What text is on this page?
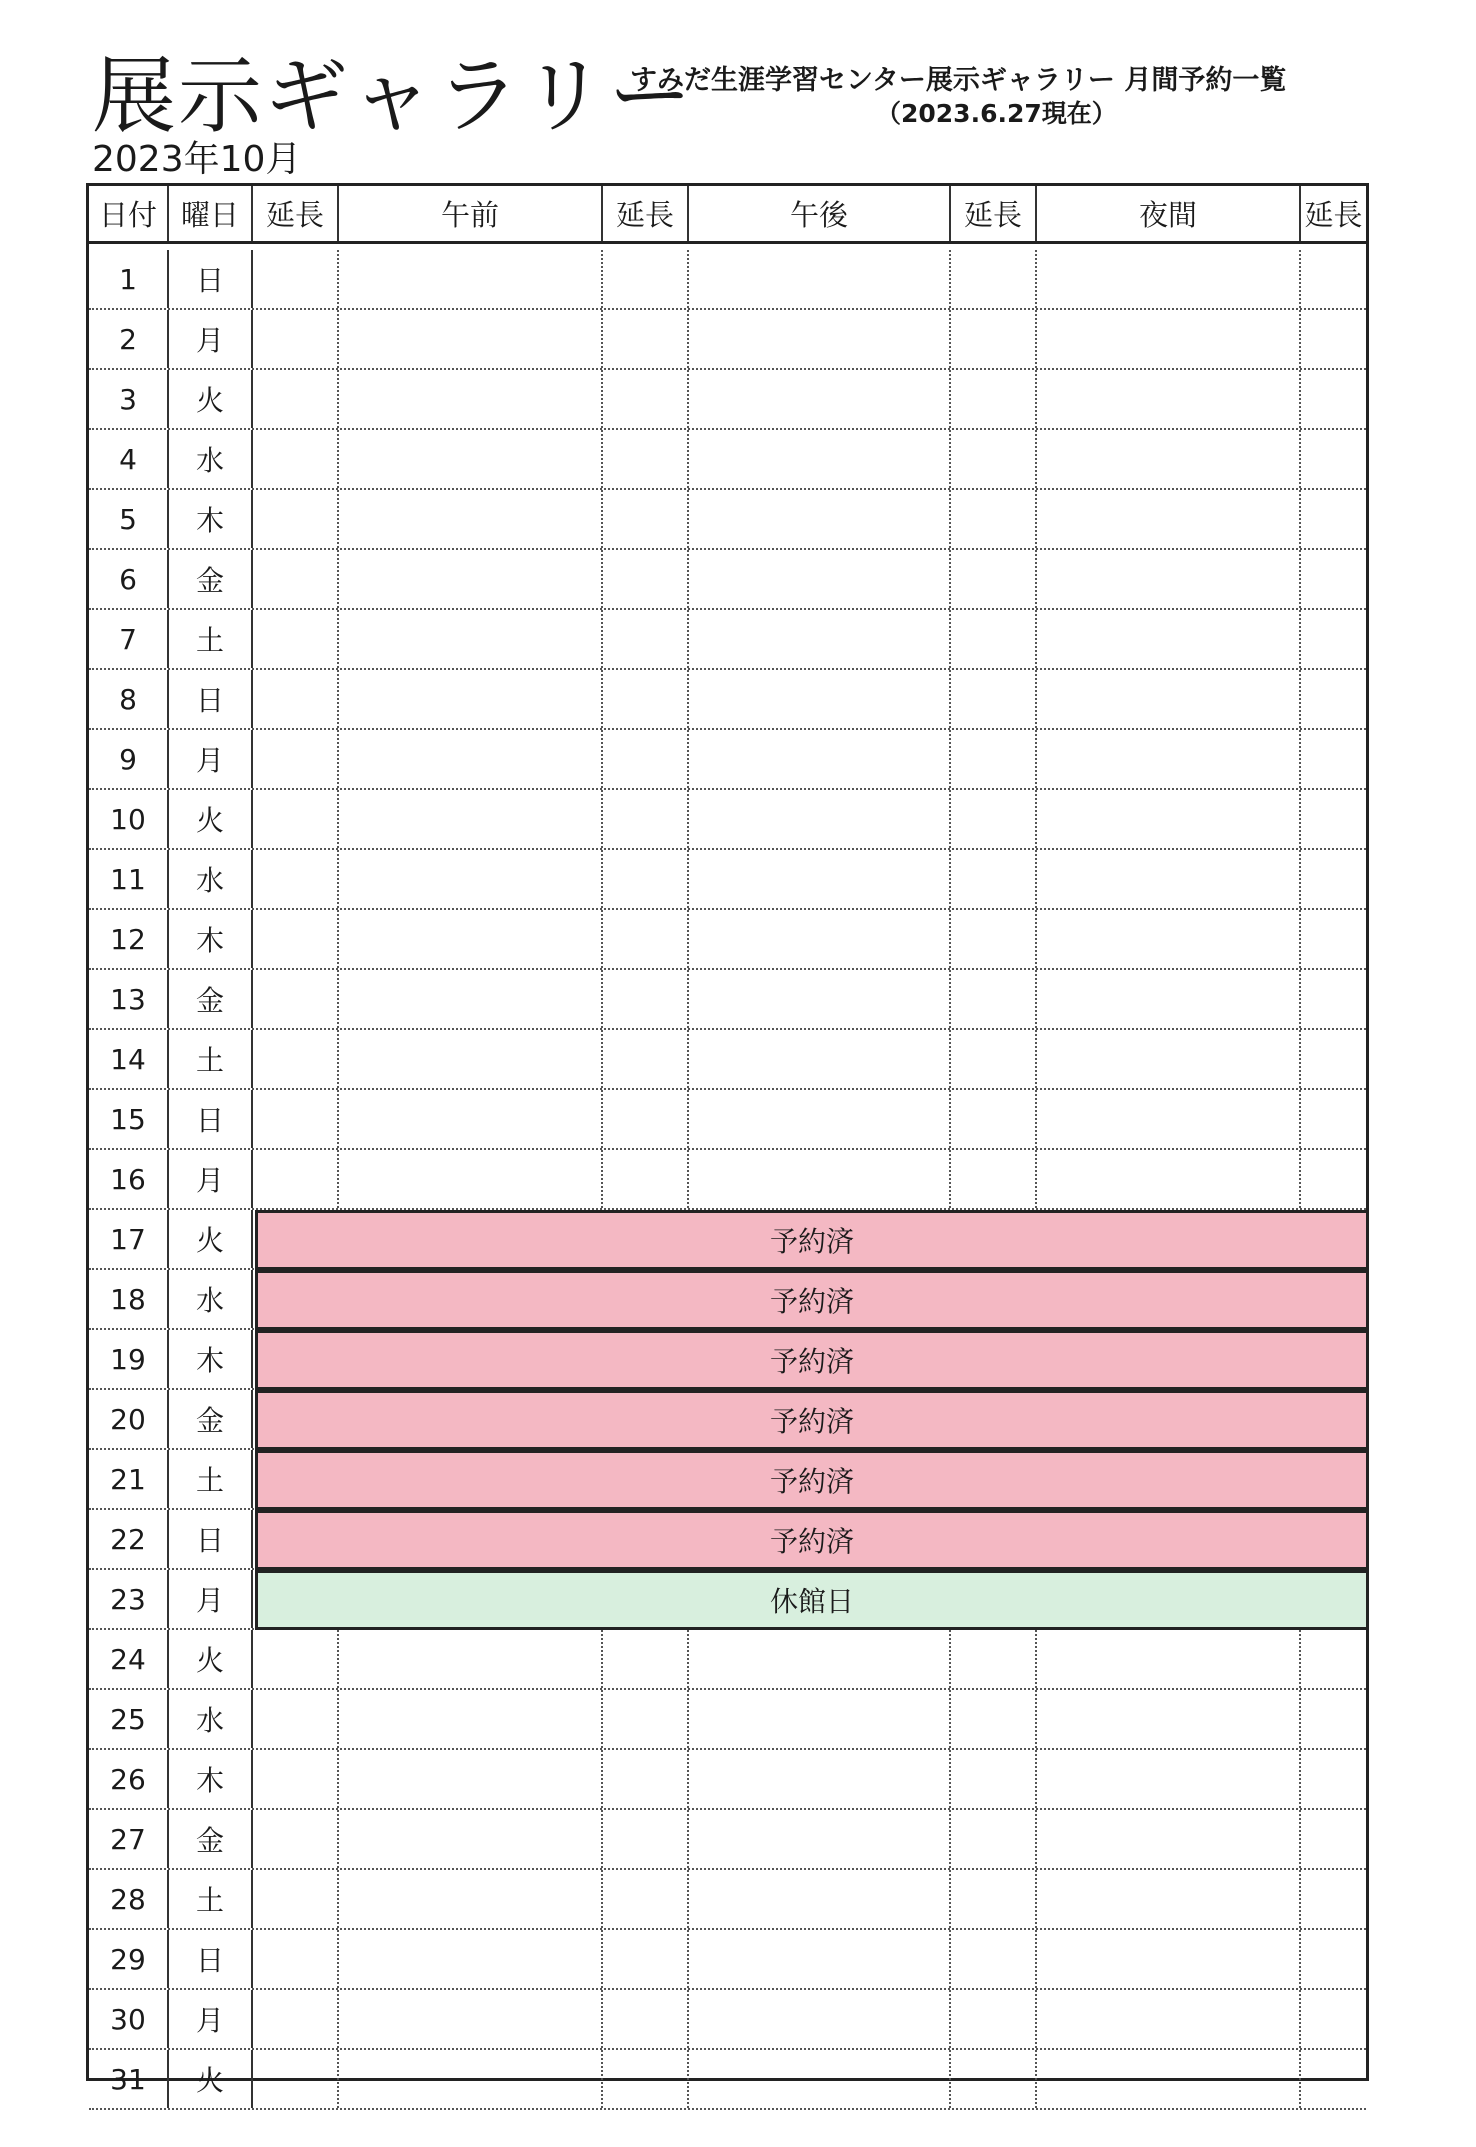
展示ギャラリー
すみだ生涯学習センター展示ギャラリー 月間予約一覧
（2023.6.27現在）
2023年10月
日付 曜日 延長	午前	延長	午後	延長	夜間	延長
1	日
2	月
3	火
4	水
5	木
6	金
7	土
8	日
9	月
10	火
11	水
12	木
13	金
14	土
15	日
16	月
17	火	予約済
18	水	予約済
19	木	予約済
20	金	予約済
21	土	予約済
22	日	予約済
23	月	休館日
24	火
25	水
26	木
27	金
28	土
29	日
30	月
31	火
